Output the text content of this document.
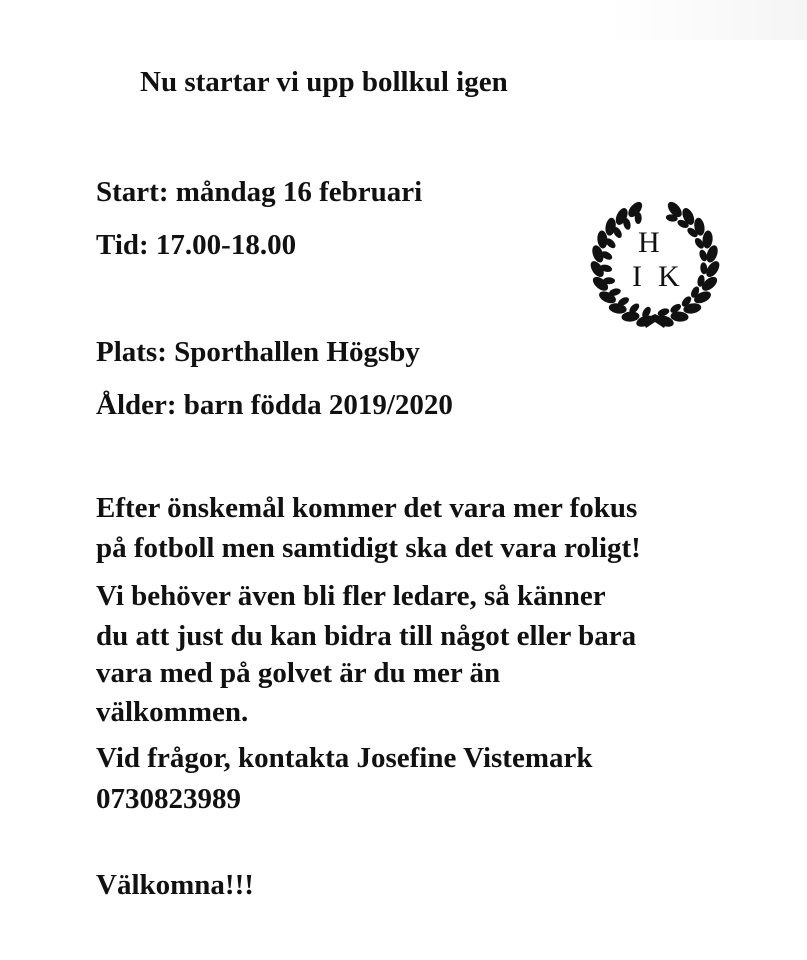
Nu startar vi upp bollkul igen

Start: måndag 16 februari

Tid: 17.00-18.00

Plats: Sporthallen Högsby

Ålder: barn födda 2019/2020

Efter önskemål kommer det vara mer fokus

på fotboll men samtidigt ska det vara roligt!

Vi behöver även bli fler ledare, så känner

du att just du kan bidra till något eller bara

vara med på golvet är du mer än

välkommen.

Vid frågor, kontakta Josefine Vistemark

0730823989

Välkomna!!!

H
I K
